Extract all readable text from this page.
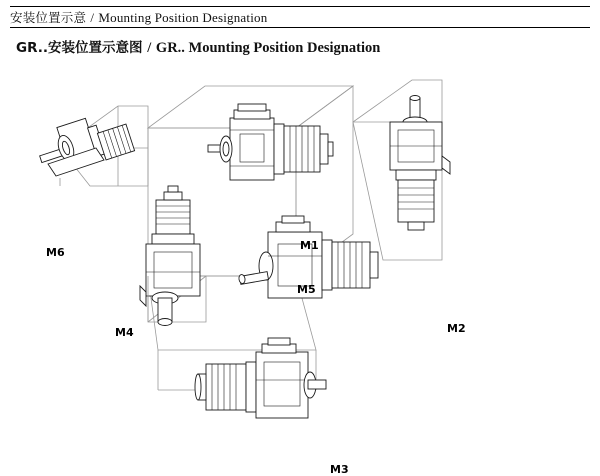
安装位置示意 / Mounting Position Designation
GR..安装位置示意图 / GR.. Mounting Position Designation
M6
M1
M5
M4	M2
M3
